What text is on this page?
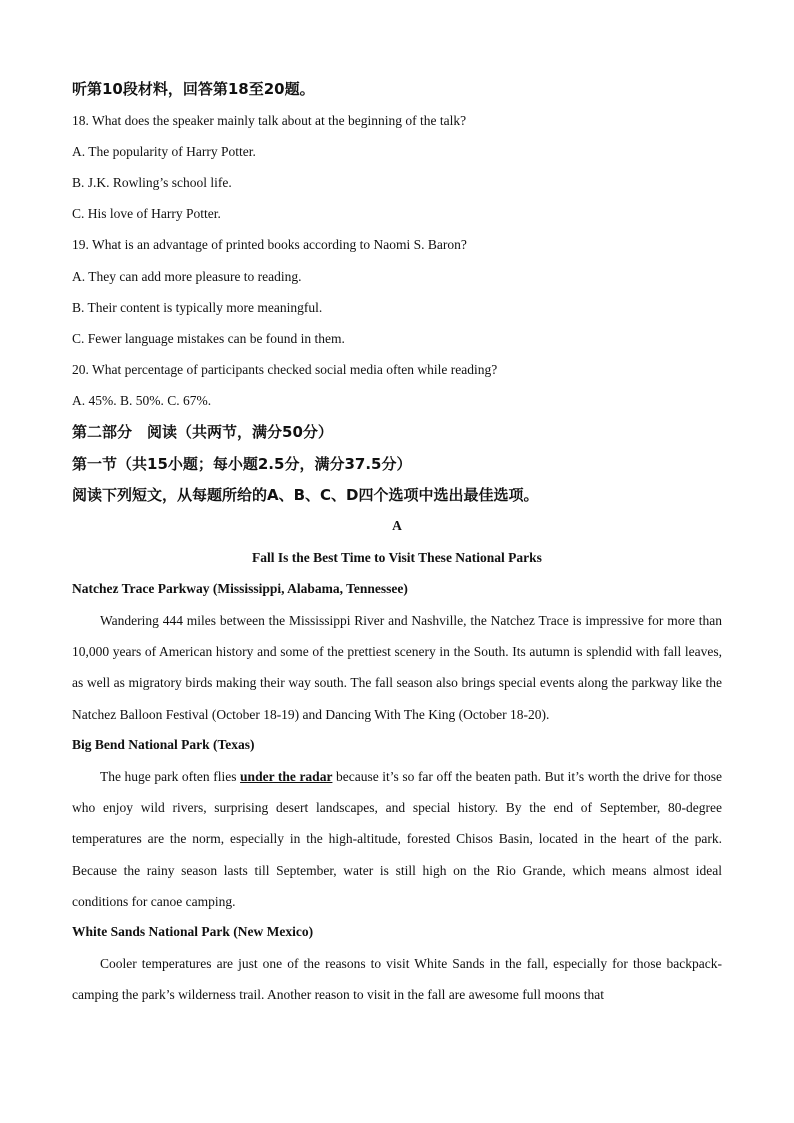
听第10段材料，回答第18至20题。
18. What does the speaker mainly talk about at the beginning of the talk?
A. The popularity of Harry Potter.
B. J.K. Rowling’s school life.
C. His love of Harry Potter.
19. What is an advantage of printed books according to Naomi S. Baron?
A. They can add more pleasure to reading.
B. Their content is typically more meaningful.
C. Fewer language mistakes can be found in them.
20. What percentage of participants checked social media often while reading?
A. 45%. B. 50%. C. 67%.
第二部分　阅读（共两节，满分50分）
第一节（共15小题；每小题2.5分，满分37.5分）
阅读下列短文，从每题所给的A、B、C、D四个选项中选出最佳选项。
A
Fall Is the Best Time to Visit These National Parks
Natchez Trace Parkway (Mississippi, Alabama, Tennessee)
Wandering 444 miles between the Mississippi River and Nashville, the Natchez Trace is impressive for more than 10,000 years of American history and some of the prettiest scenery in the South. Its autumn is splendid with fall leaves, as well as migratory birds making their way south. The fall season also brings special events along the parkway like the Natchez Balloon Festival (October 18-19) and Dancing With The King (October 18-20).
Big Bend National Park (Texas)
The huge park often flies under the radar because it’s so far off the beaten path. But it’s worth the drive for those who enjoy wild rivers, surprising desert landscapes, and special history. By the end of September, 80-degree temperatures are the norm, especially in the high-altitude, forested Chisos Basin, located in the heart of the park. Because the rainy season lasts till September, water is still high on the Rio Grande, which means almost ideal conditions for canoe camping.
White Sands National Park (New Mexico)
Cooler temperatures are just one of the reasons to visit White Sands in the fall, especially for those backpack-camping the park’s wilderness trail. Another reason to visit in the fall are awesome full moons that
